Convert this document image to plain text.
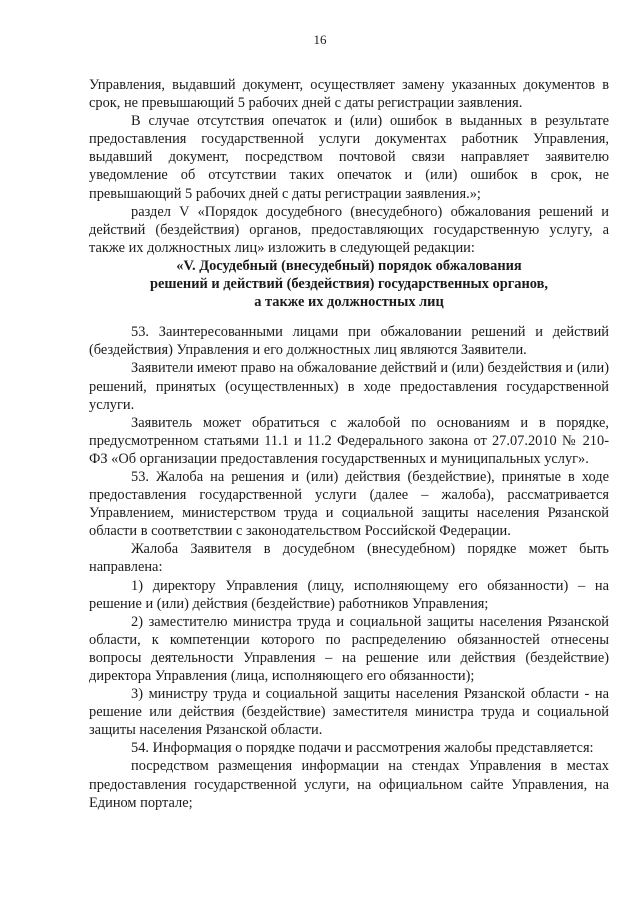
16

Управления, выдавший документ, осуществляет замену указанных документов в срок, не превышающий 5 рабочих дней с даты регистрации заявления.

В случае отсутствия опечаток и (или) ошибок в выданных в результате предоставления государственной услуги документах работник Управления, выдавший документ, посредством почтовой связи направляет заявителю уведомление об отсутствии таких опечаток и (или) ошибок в срок, не превышающий 5 рабочих дней с даты регистрации заявления.»;

раздел V «Порядок досудебного (внесудебного) обжалования решений и действий (бездействия) органов, предоставляющих государственную услугу, а также их должностных лиц» изложить в следующей редакции:

«V. Досудебный (внесудебный) порядок обжалования
решений и действий (бездействия) государственных органов,
а также их должностных лиц

53. Заинтересованными лицами при обжаловании решений и действий (бездействия) Управления и его должностных лиц являются Заявители.

Заявители имеют право на обжалование действий и (или) бездействия и (или) решений, принятых (осуществленных) в ходе предоставления государственной услуги.

Заявитель может обратиться с жалобой по основаниям и в порядке, предусмотренном статьями 11.1 и 11.2 Федерального закона от 27.07.2010 № 210-ФЗ «Об организации предоставления государственных и муниципальных услуг».

53. Жалоба на решения и (или) действия (бездействие), принятые в ходе предоставления государственной услуги (далее – жалоба), рассматривается Управлением, министерством труда и социальной защиты населения Рязанской области в соответствии с законодательством Российской Федерации.

Жалоба Заявителя в досудебном (внесудебном) порядке может быть направлена:

1) директору Управления (лицу, исполняющему его обязанности) – на решение и (или) действия (бездействие) работников Управления;

2) заместителю министра труда и социальной защиты населения Рязанской области, к компетенции которого по распределению обязанностей отнесены вопросы деятельности Управления – на решение или действия (бездействие) директора Управления (лица, исполняющего его обязанности);

3) министру труда и социальной защиты населения Рязанской области - на решение или действия (бездействие) заместителя министра труда и социальной защиты населения Рязанской области.

54. Информация о порядке подачи и рассмотрения жалобы представляется:

посредством размещения информации на стендах Управления в местах предоставления государственной услуги, на официальном сайте Управления, на Едином портале;
